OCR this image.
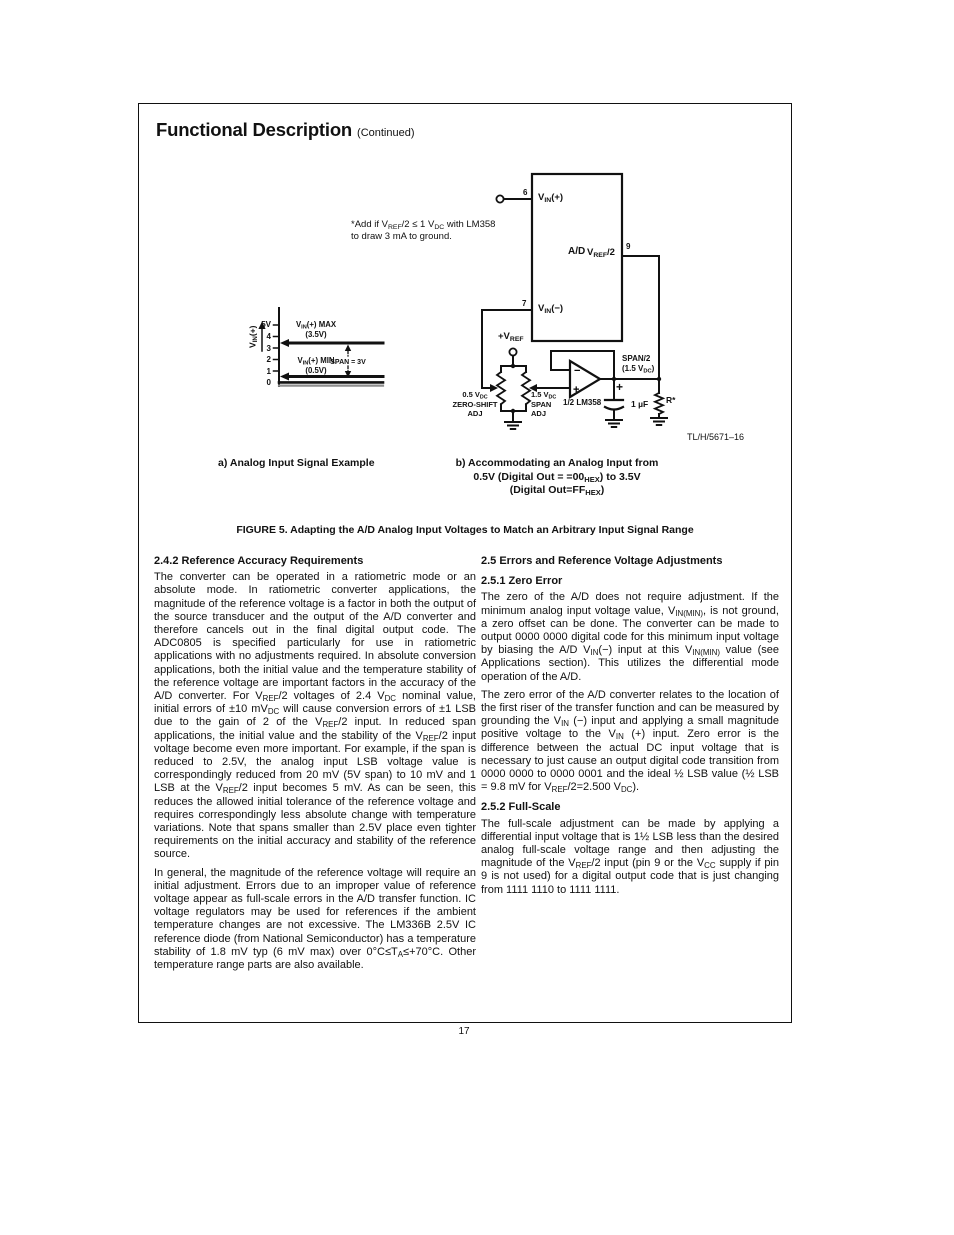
Functional Description (Continued)
−
+
*Add if $V_{REF}/2 \le 1$ $V_{DC}$ with LM358
to draw 3 mA to ground.
6 $V_{IN}(+)$
7 $V_{IN}(-)$
A/D $V_{REF}/2$
9
$+V_{REF}$
0.5 $V_{DC}$
ZERO-SHIFT
ADJ
1.5 $V_{DC}$
SPAN
ADJ
1/2 LM358
SPAN/2
(1.5 $V_{DC}$)
+
1 µF R*
TL/H/5671–16
$V_{IN}(+)$
5V
4
3
2
1
0
$V_{IN}(+)$ MAX
(3.5V)
$V_{IN}(+)$ MIN
(0.5V)
SPAN = 3V
a) Analog Input Signal Example	b) Accommodating an Analog Input from
0.5V (Digital Out = $=00_{HEX}$) to 3.5V
(Digital $Out=FF_{HEX}$)
FIGURE 5. Adapting the A/D Analog Input Voltages to Match an Arbitrary Input Signal Range
2.4.2 Reference Accuracy Requirements

The converter can be operated in a ratiometric mode or an absolute mode. In ratiometric converter applications, the magnitude of the reference voltage is a factor in both the output of the source transducer and the output of the A/D converter and therefore cancels out in the final digital output code. The ADC0805 is specified particularly for use in ratiometric applications with no adjustments required. In absolute conversion applications, both the initial value and the temperature stability of the reference voltage are important factors in the accuracy of the A/D converter. For $V_{REF}/2$ voltages of 2.4 $V_{DC}$ nominal value, initial errors of ±10 $mV_{DC}$ will cause conversion errors of ±1 LSB due to the gain of 2 of the $V_{REF}/2$ input. In reduced span applications, the initial value and the stability of the $V_{REF}/2$ input voltage become even more important. For example, if the span is reduced to 2.5V, the analog input LSB voltage value is correspondingly reduced from 20 mV (5V span) to 10 mV and 1 LSB at the $V_{REF}/2$ input becomes 5 mV. As can be seen, this reduces the allowed initial tolerance of the reference voltage and requires correspondingly less absolute change with temperature variations. Note that spans smaller than 2.5V place even tighter requirements on the initial accuracy and stability of the reference source.

In general, the magnitude of the reference voltage will require an initial adjustment. Errors due to an improper value of reference voltage appear as full-scale errors in the A/D transfer function. IC voltage regulators may be used for references if the ambient temperature changes are not excessive. The LM336B 2.5V IC reference diode (from National Semiconductor) has a temperature stability of 1.8 mV typ (6 mV max) over $0^\circ C\le T_A\le+70^\circ C$. Other temperature range parts are also available.

2.5 Errors and Reference Voltage Adjustments
2.5.1 Zero Error

The zero of the A/D does not require adjustment. If the minimum analog input voltage value, $V_{IN(MIN)}$, is not ground, a zero offset can be done. The converter can be made to output 0000 0000 digital code for this minimum input voltage by biasing the A/D $V_{IN}(-)$ input at this $V_{IN(MIN)}$ value (see Applications section). This utilizes the differential mode operation of the A/D.

The zero error of the A/D converter relates to the location of the first riser of the transfer function and can be measured by grounding the $V_{IN}$ (−) input and applying a small magnitude positive voltage to the $V_{IN}$ (+) input. Zero error is the difference between the actual DC input voltage that is necessary to just cause an output digital code transition from 0000 0000 to 0000 0001 and the ideal ½ LSB value (½ LSB = 9.8 mV for $V_{REF}/2=2.500$ $V_{DC}$).

2.5.2 Full-Scale

The full-scale adjustment can be made by applying a differential input voltage that is 1½ LSB less than the desired analog full-scale voltage range and then adjusting the magnitude of the $V_{REF}/2$ input (pin 9 or the $V_{CC}$ supply if pin 9 is not used) for a digital output code that is just changing from 1111 1110 to 1111 1111.

17
